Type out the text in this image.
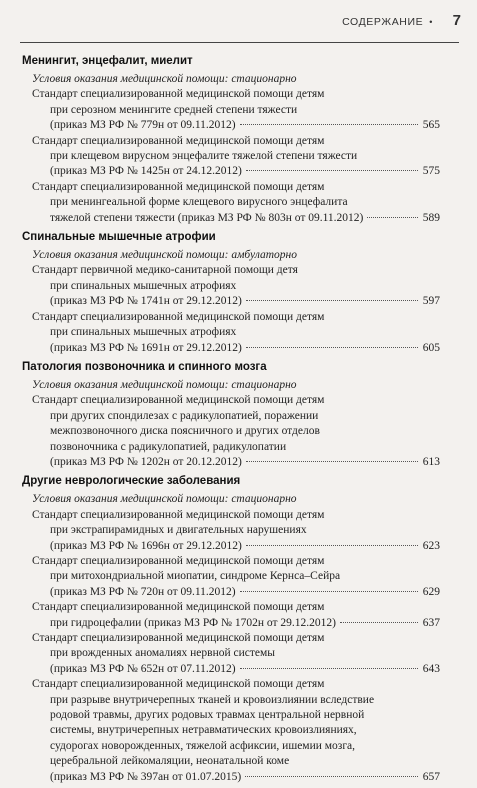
СОДЕРЖАНИЕ • 7
Менингит, энцефалит, миелит
Условия оказания медицинской помощи: стационарно
Стандарт специализированной медицинской помощи детям
при серозном менингите средней степени тяжести
(приказ МЗ РФ № 779н от 09.11.2012)	565
Стандарт специализированной медицинской помощи детям
при клещевом вирусном энцефалите тяжелой степени тяжести
(приказ МЗ РФ № 1425н от 24.12.2012)	575
Стандарт специализированной медицинской помощи детям
при менингеальной форме клещевого вирусного энцефалита
тяжелой степени тяжести (приказ МЗ РФ № 803н от 09.11.2012)	589
Спинальные мышечные атрофии
Условия оказания медицинской помощи: амбулаторно
Стандарт первичной медико-санитарной помощи детя
при спинальных мышечных атрофиях
(приказ МЗ РФ № 1741н от 29.12.2012)	597
Стандарт специализированной медицинской помощи детям
при спинальных мышечных атрофиях
(приказ МЗ РФ № 1691н от 29.12.2012)	605
Патология позвоночника и спинного мозга
Условия оказания медицинской помощи: стационарно
Стандарт специализированной медицинской помощи детям
при других спондилезах с радикулопатией, поражении
межпозвоночного диска поясничного и других отделов
позвоночника с радикулопатией, радикулопатии
(приказ МЗ РФ № 1202н от 20.12.2012)	613
Другие неврологические заболевания
Условия оказания медицинской помощи: стационарно
Стандарт специализированной медицинской помощи детям
при экстрапирамидных и двигательных нарушениях
(приказ МЗ РФ № 1696н от 29.12.2012)	623
Стандарт специализированной медицинской помощи детям
при митохондриальной миопатии, синдроме Кернса–Сейра
(приказ МЗ РФ № 720н от 09.11.2012)	629
Стандарт специализированной медицинской помощи детям
при гидроцефалии (приказ МЗ РФ № 1702н от 29.12.2012)	637
Стандарт специализированной медицинской помощи детям
при врожденных аномалиях нервной системы
(приказ МЗ РФ № 652н от 07.11.2012)	643
Стандарт специализированной медицинской помощи детям
при разрыве внутричерепных тканей и кровоизлиянии вследствие
родовой травмы, других родовых травмах центральной нервной
системы, внутричерепных нетравматических кровоизлияниях,
судорогах новорожденных, тяжелой асфиксии, ишемии мозга,
церебральной лейкомаляции, неонатальной коме
(приказ МЗ РФ № 397ан от 01.07.2015)	657
